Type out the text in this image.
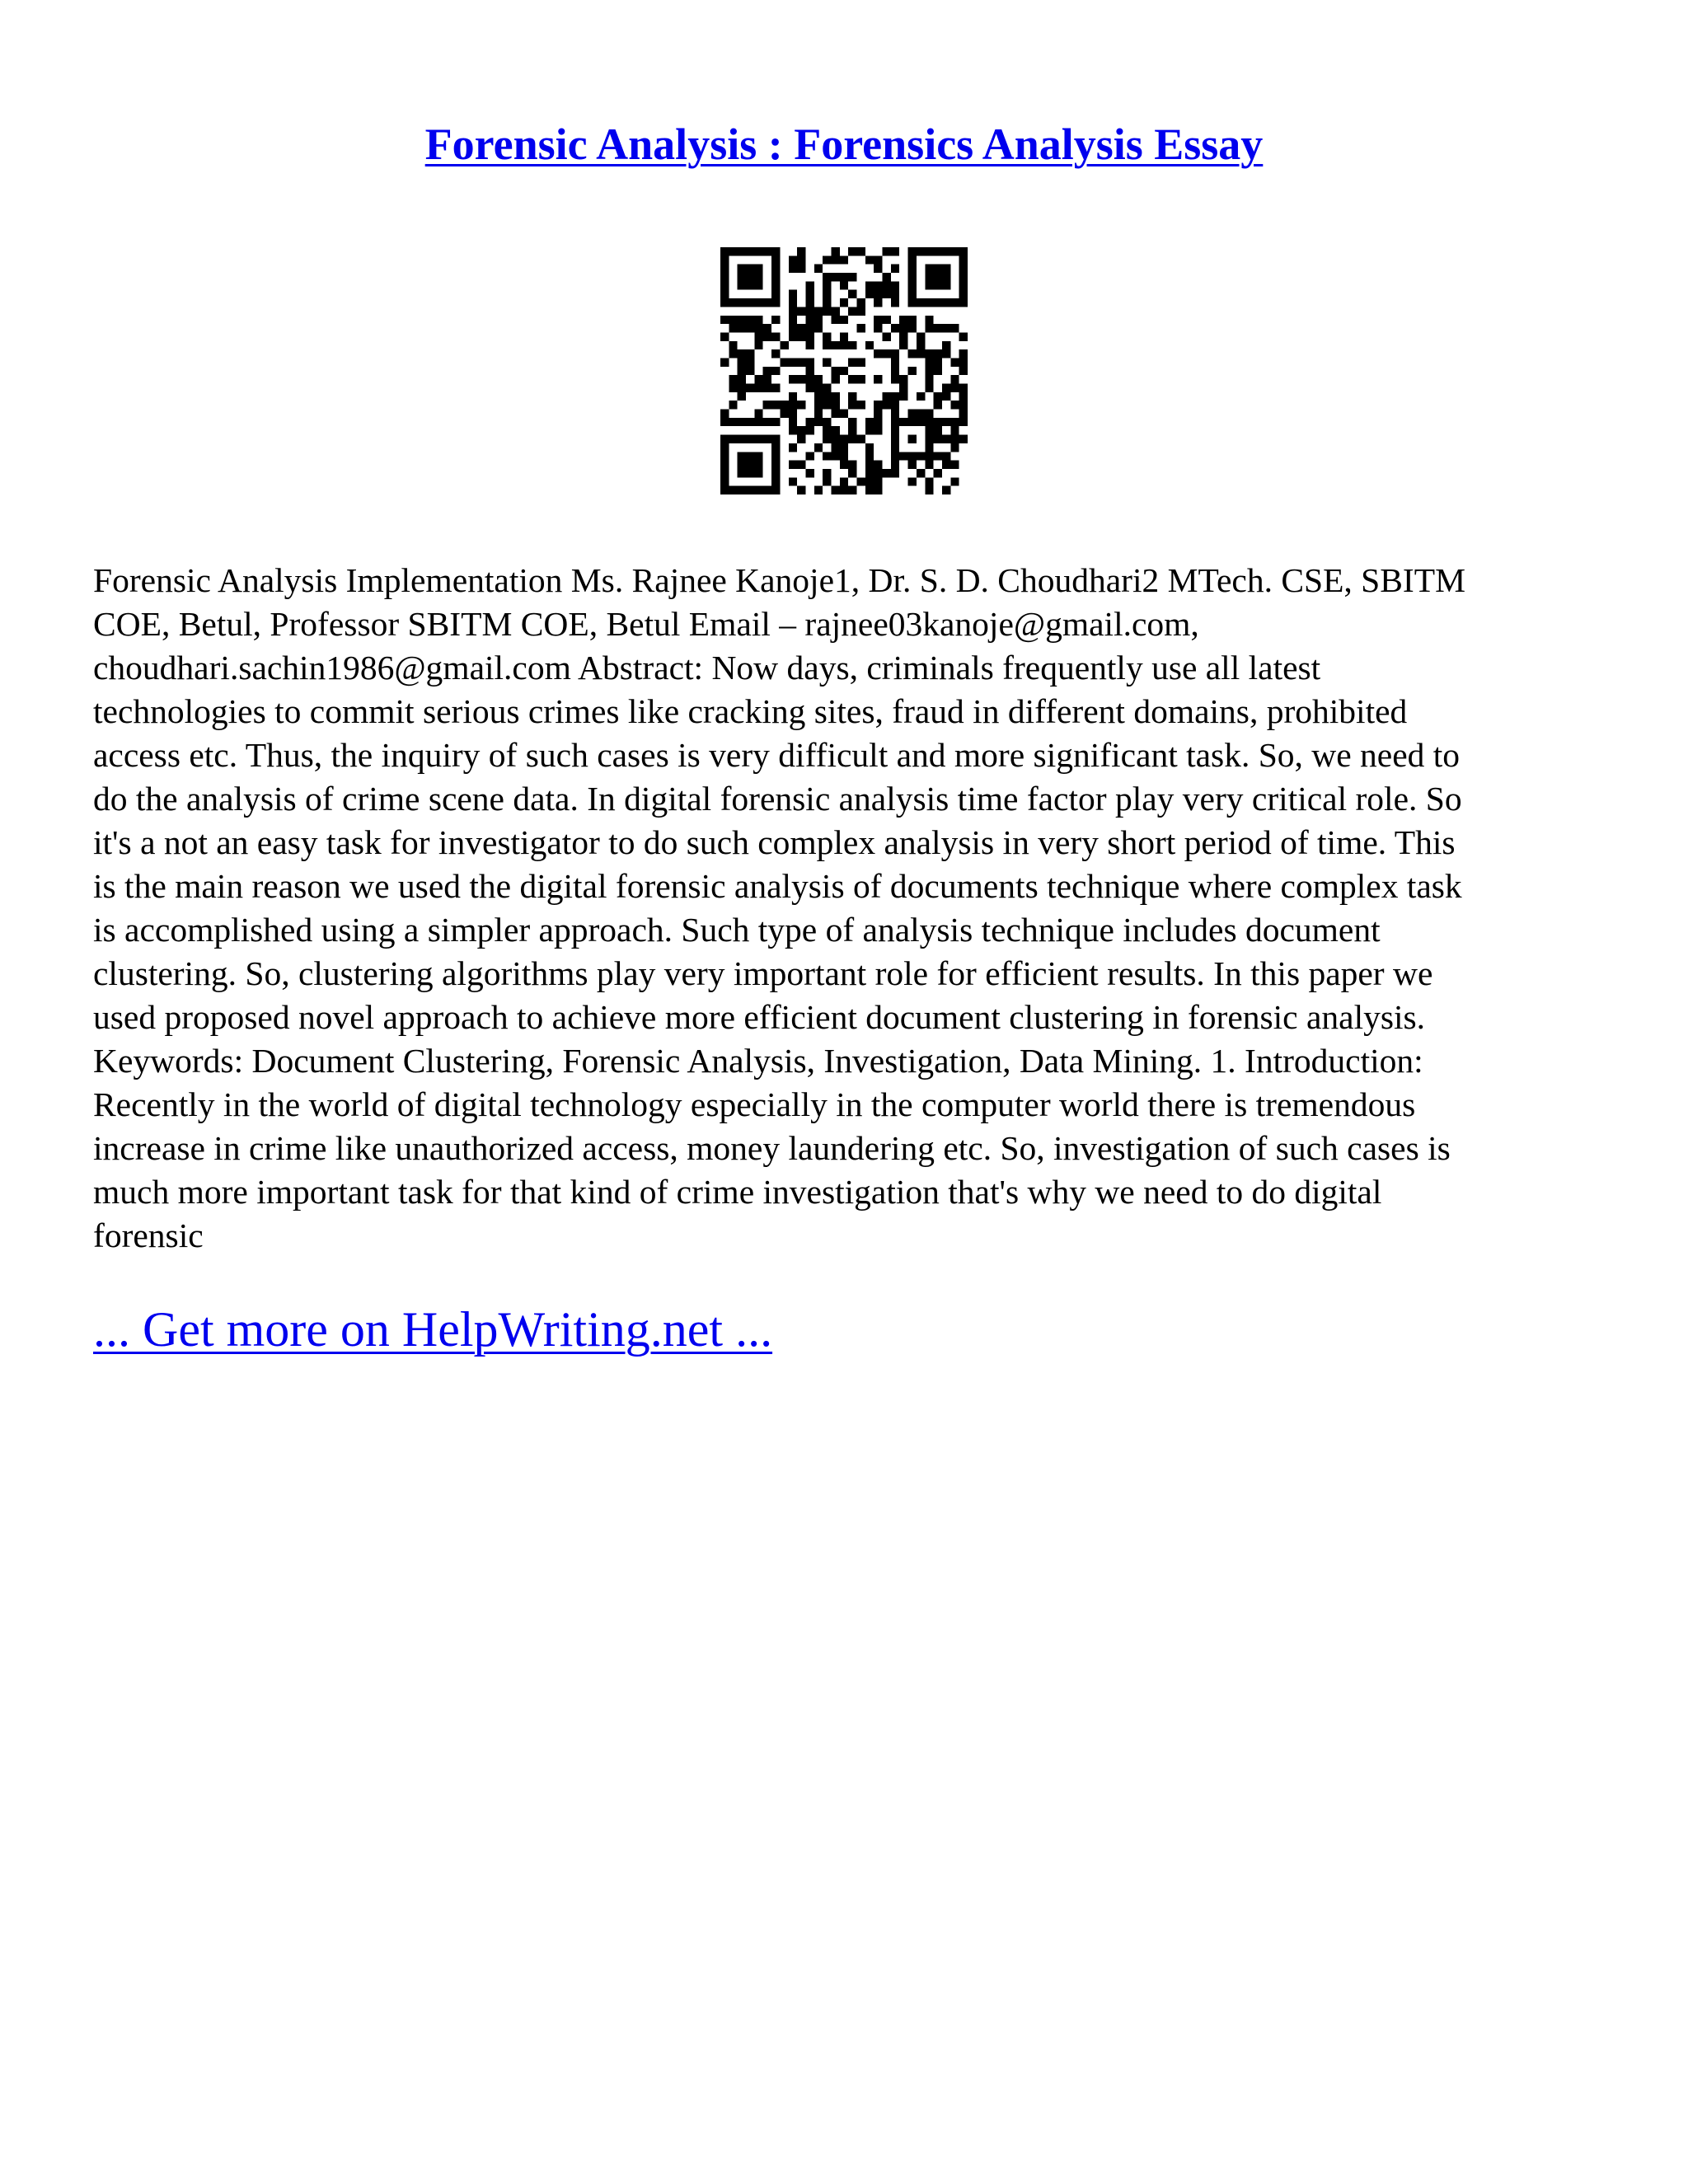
Forensic Analysis : Forensics Analysis Essay

Forensic Analysis Implementation Ms. Rajnee Kanoje1, Dr. S. D. Choudhari2 MTech. CSE, SBITM
COE, Betul, Professor SBITM COE, Betul Email – rajnee03kanoje@gmail.com,
choudhari.sachin1986@gmail.com Abstract: Now days, criminals frequently use all latest
technologies to commit serious crimes like cracking sites, fraud in different domains, prohibited
access etc. Thus, the inquiry of such cases is very difficult and more significant task. So, we need to
do the analysis of crime scene data. In digital forensic analysis time factor play very critical role. So
it's a not an easy task for investigator to do such complex analysis in very short period of time. This
is the main reason we used the digital forensic analysis of documents technique where complex task
is accomplished using a simpler approach. Such type of analysis technique includes document
clustering. So, clustering algorithms play very important role for efficient results. In this paper we
used proposed novel approach to achieve more efficient document clustering in forensic analysis.
Keywords: Document Clustering, Forensic Analysis, Investigation, Data Mining. 1. Introduction:
Recently in the world of digital technology especially in the computer world there is tremendous
increase in crime like unauthorized access, money laundering etc. So, investigation of such cases is
much more important task for that kind of crime investigation that's why we need to do digital
forensic

... Get more on HelpWriting.net ...
